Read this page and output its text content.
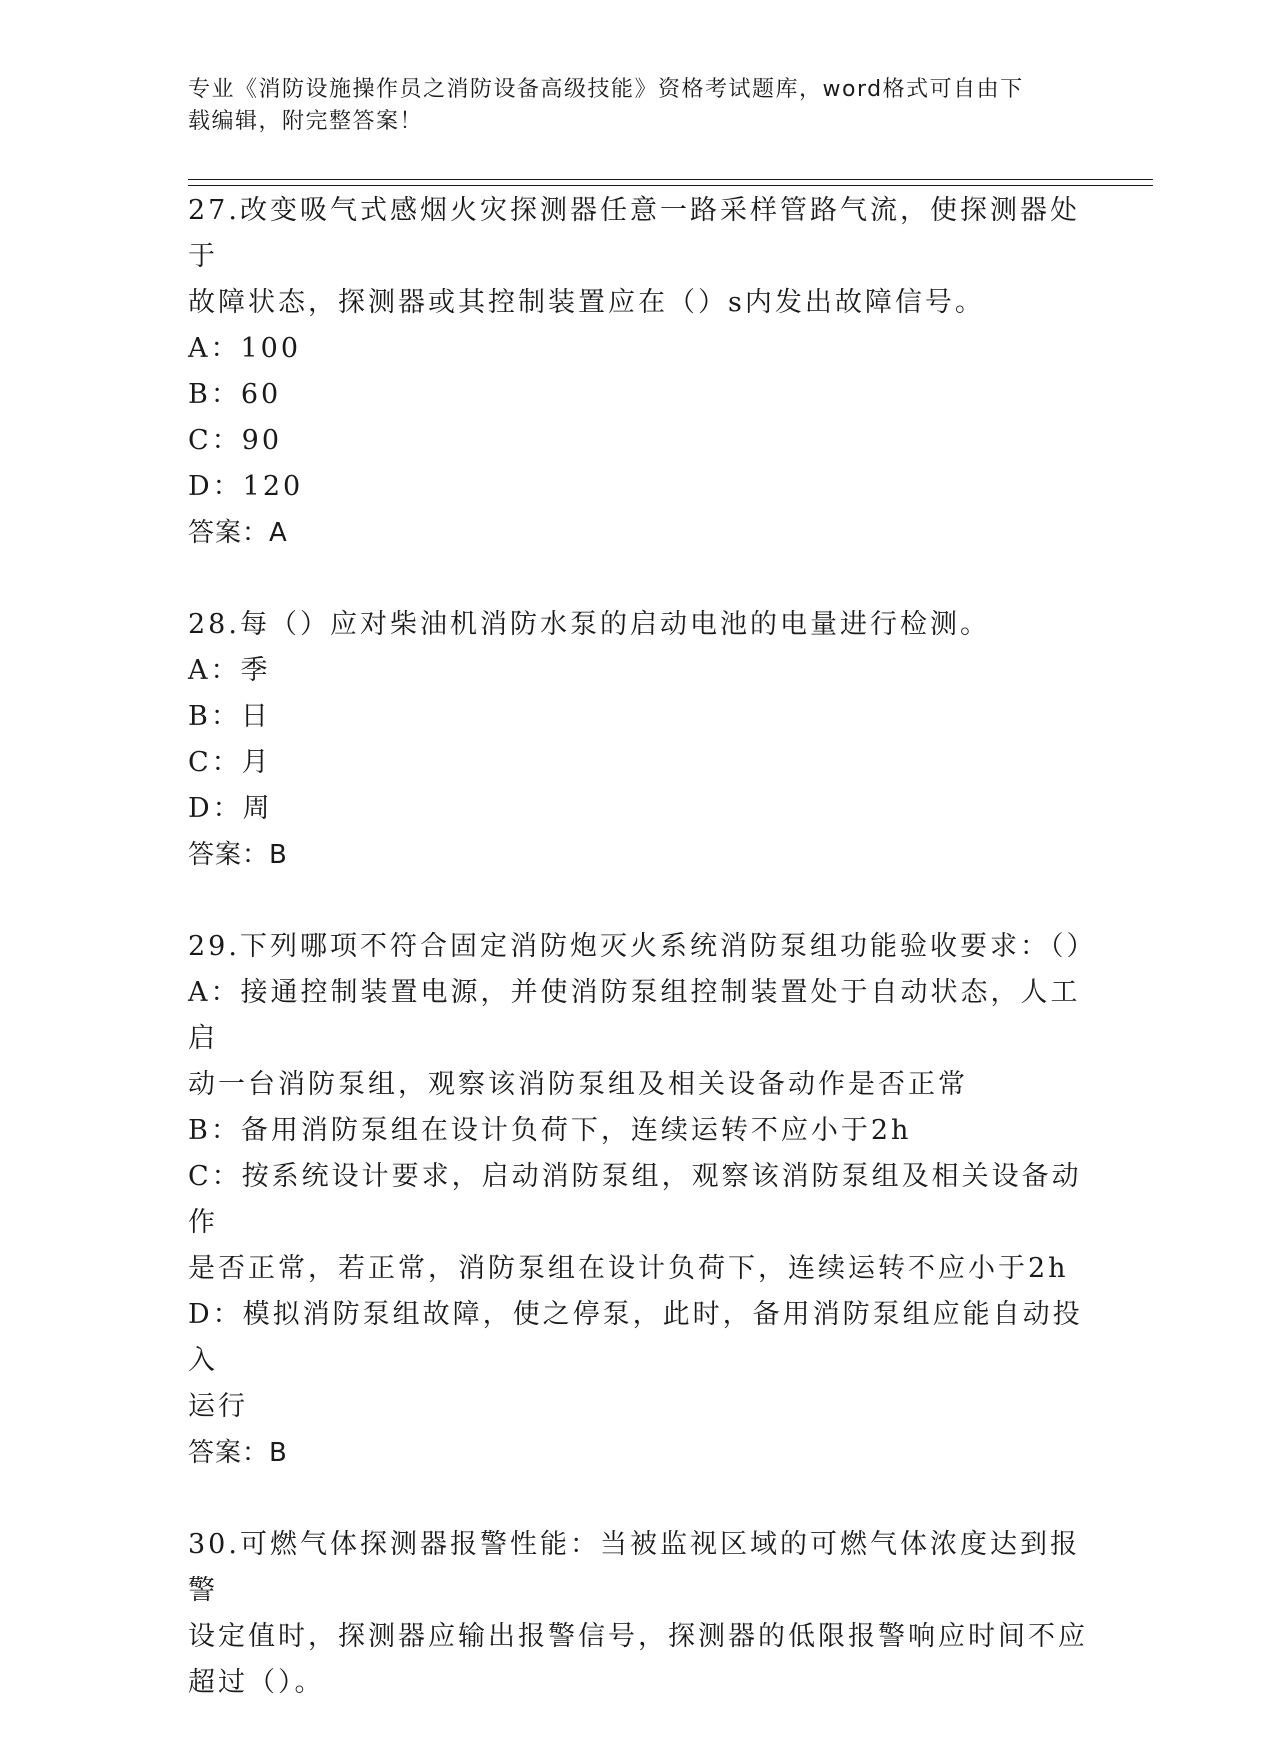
专业《消防设施操作员之消防设备高级技能》资格考试题库，word格式可自由下
载编辑，附完整答案！
27.改变吸气式感烟火灾探测器任意一路采样管路气流，使探测器处于
故障状态，探测器或其控制装置应在（）s内发出故障信号。
A：100
B：60
C：90
D：120
答案：A
28.每（）应对柴油机消防水泵的启动电池的电量进行检测。
A：季
B：日
C：月
D：周
答案：B
29.下列哪项不符合固定消防炮灭火系统消防泵组功能验收要求：（）
A：接通控制装置电源，并使消防泵组控制装置处于自动状态，人工启
动一台消防泵组，观察该消防泵组及相关设备动作是否正常
B：备用消防泵组在设计负荷下，连续运转不应小于2h
C：按系统设计要求，启动消防泵组，观察该消防泵组及相关设备动作
是否正常，若正常，消防泵组在设计负荷下，连续运转不应小于2h
D：模拟消防泵组故障，使之停泵，此时，备用消防泵组应能自动投入
运行
答案：B
30.可燃气体探测器报警性能：当被监视区域的可燃气体浓度达到报警
设定值时，探测器应输出报警信号，探测器的低限报警响应时间不应
超过（）。
